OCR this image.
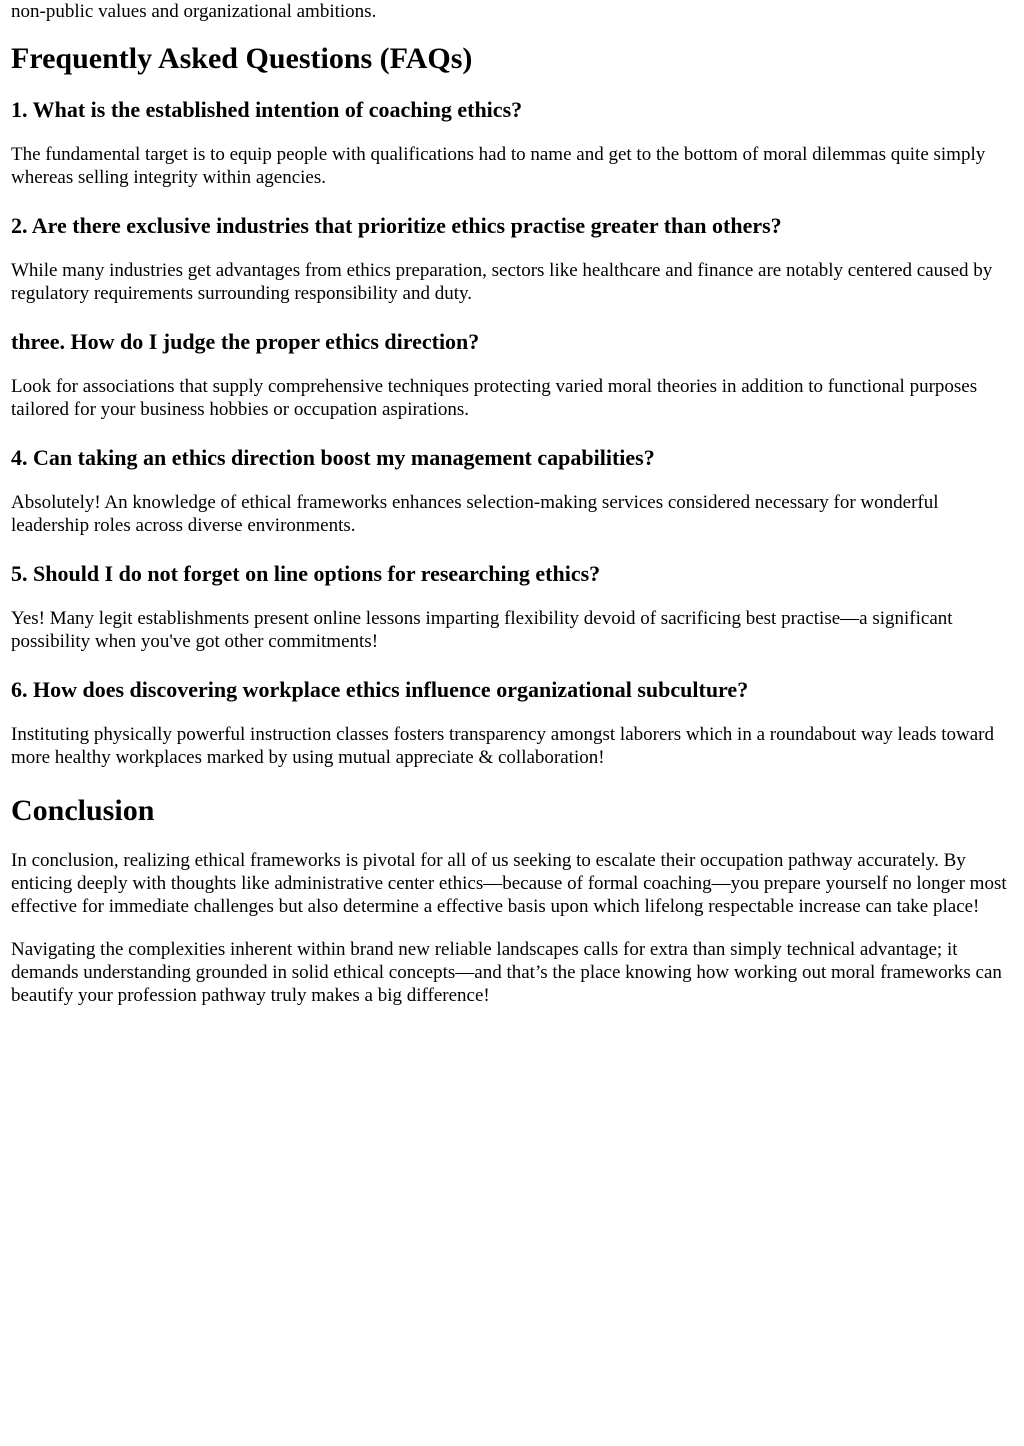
non-public values and organizational ambitions.

Frequently Asked Questions (FAQs)
1. What is the established intention of coaching ethics?

The fundamental target is to equip people with qualifications had to name and get to the bottom of moral dilemmas quite simply whereas selling integrity within agencies.

2. Are there exclusive industries that prioritize ethics practise greater than others?

While many industries get advantages from ethics preparation, sectors like healthcare and finance are notably centered caused by regulatory requirements surrounding responsibility and duty.

three. How do I judge the proper ethics direction?

Look for associations that supply comprehensive techniques protecting varied moral theories in addition to functional purposes tailored for your business hobbies or occupation aspirations.

4. Can taking an ethics direction boost my management capabilities?

Absolutely! An knowledge of ethical frameworks enhances selection-making services considered necessary for wonderful leadership roles across diverse environments.

5. Should I do not forget on line options for researching ethics?

Yes! Many legit establishments present online lessons imparting flexibility devoid of sacrificing best practise—a significant possibility when you've got other commitments!

6. How does discovering workplace ethics influence organizational subculture?

Instituting physically powerful instruction classes fosters transparency amongst laborers which in a roundabout way leads toward more healthy workplaces marked by using mutual appreciate & collaboration!

Conclusion

In conclusion, realizing ethical frameworks is pivotal for all of us seeking to escalate their occupation pathway accurately. By enticing deeply with thoughts like administrative center ethics—because of formal coaching—you prepare yourself no longer most effective for immediate challenges but also determine a effective basis upon which lifelong respectable increase can take place!

Navigating the complexities inherent within brand new reliable landscapes calls for extra than simply technical advantage; it demands understanding grounded in solid ethical concepts—and that’s the place knowing how working out moral frameworks can beautify your profession pathway truly makes a big difference!
